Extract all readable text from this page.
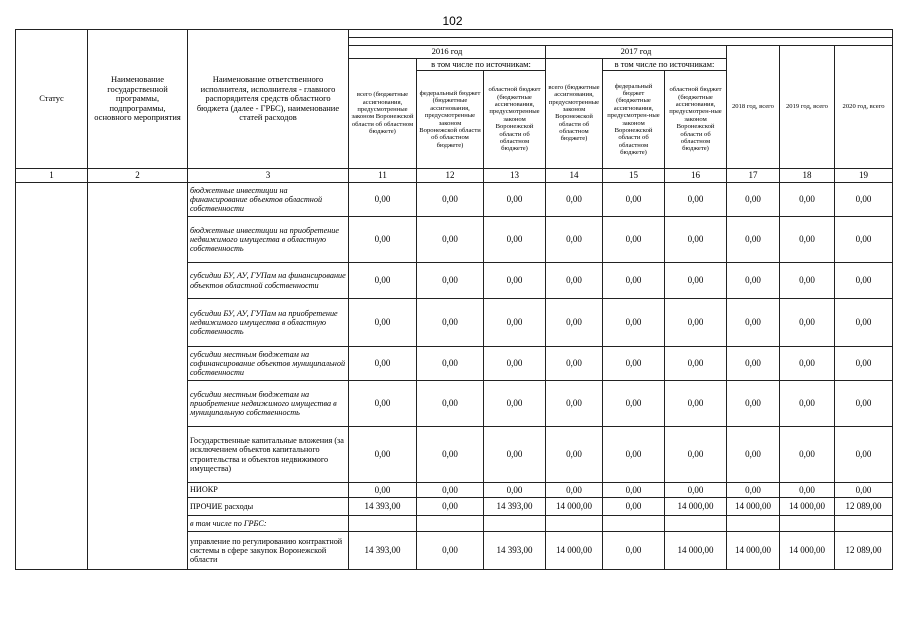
102
Статус	Наименование государственной программы, подпрограммы, основного мероприятия	Наименование ответственного исполнителя, исполнителя - главного распорядителя средств областного бюджета (далее - ГРБС), наименование статей расходов									

			2016 год			2017 год			2018 год, всего	2019 год, всего	2020 год, всего
			всего (бюджетные ассигнования, предусмотренные законом Воронежской области об областном бюджете)	в том числе по источникам:		всего (бюджетные ассигнования, предусмотренные законом Воронежской области об областном бюджете)	в том числе по источникам:				
				федеральный бюджет (бюджетные ассигнования, предусмотренные законом Воронежской области об областном бюджете)	областной бюджет (бюджетные ассигнования, предусмотренные законом Воронежской области об областном бюджете)		федеральный бюджет (бюджетные ассигнования, предусмотрен-ные законом Воронежской области об областном бюджете)	областной бюджет (бюджетные ассигнования, предусмотрен-ные законом Воронежской области об областном бюджете)			

1	2	3	11	12	13	14	15	16	17	18	19
		бюджетные инвестиции на финансирование объектов областной собственности	0,00	0,00	0,00	0,00	0,00	0,00	0,00	0,00	0,00
		бюджетные инвестиции на приобретение недвижимого имущества в областную собственность	0,00	0,00	0,00	0,00	0,00	0,00	0,00	0,00	0,00
		субсидии БУ, АУ, ГУПам на финансирование объектов областной собственности	0,00	0,00	0,00	0,00	0,00	0,00	0,00	0,00	0,00
		субсидии БУ, АУ, ГУПам на приобретение недвижимого имущества в областную собственность	0,00	0,00	0,00	0,00	0,00	0,00	0,00	0,00	0,00
		субсидии местным бюджетам на софинансирование объектов муниципальной собственности	0,00	0,00	0,00	0,00	0,00	0,00	0,00	0,00	0,00
		субсидии местным бюджетам на приобретение недвижимого имущества в муниципальную собственность	0,00	0,00	0,00	0,00	0,00	0,00	0,00	0,00	0,00
		Государственные капитальные вложения (за исключением объектов капитального строительства и объектов недвижимого имущества)	0,00	0,00	0,00	0,00	0,00	0,00	0,00	0,00	0,00
		НИОКР	0,00	0,00	0,00	0,00	0,00	0,00	0,00	0,00	0,00
		ПРОЧИЕ расходы	14 393,00	0,00	14 393,00	14 000,00	0,00	14 000,00	14 000,00	14 000,00	12 089,00
		в том числе по ГРБС:									
		управление по регулированию контрактной системы в сфере закупок Воронежской области	14 393,00	0,00	14 393,00	14 000,00	0,00	14 000,00	14 000,00	14 000,00	12 089,00
